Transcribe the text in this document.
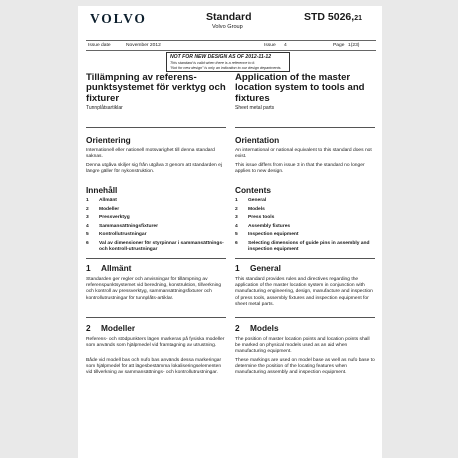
VOLVO	Standard
Volvo Group
STD 5026,21
Issue date	November 2012	Issue 4	Page 1(23)
NOT FOR NEW DESIGN AS OF 2012-11-12
This standard is valid when there is a reference to it.
"Not for new design" is only an indication to our design departments.
Tillämpning av referens-punktsystemet för verktyg och fixturer
Tunnplåtsartiklar
Orientering
Internationell eller nationell motsvarighet till denna standard saknas.
Denna utgåva skiljer sig från utgåva 3 genom att standarden ej längre gäller för nykonstruktion.
Innehåll
1	Allmänt
2	Modeller
3	Pressverktyg
4	Sammansättningsfixturer
5	Kontrollutrustningar
6	Val av dimensioner för styrpinnar i sammansättnings- och kontroll-utrustningar
1 Allmänt
Standarden ger regler och anvisningar för tillämpning av referenspunktsystemet vid beredning, konstruktion, tillverkning och kontroll av pressverktyg, sammansättningsfixturer och kontrollutrustningar för tunnplåts-artiklar.
2 Modeller
Referens- och stödpunkters lägen markeras på fysiska modeller som används som hjälpmedel vid framtagning av utrustning.
Både vid modell bas och nufo bas används dessa markeringar som hjälpmedel för att lägesbestämma lokaliseringselementen vid tillverkning av sammansättnings- och kontrollutrustningar.
Application of the master location system to tools and fixtures
Sheet metal parts
Orientation
An international or national equivalent to this standard does not exist.
This issue differs from issue 3 in that the standard no longer applies to new design.
Contents
1	General
2	Models
3	Press tools
4	Assembly fixtures
5	Inspection equipment
6	Selecting dimensions of guide pins in assembly and inspection equipment
1 General
This standard provides rules and directives regarding the application of the master location system in conjunction with manufacturing engineering, design, manufacture and inspection of press tools, assembly fixtures and inspection equipment for sheet metal parts.
2 Models
The position of master location points and location points shall be marked on physical models used as an aid when manufacturing equipment.
These markings are used on model base as well as nufo base to determine the position of the locating features when manufacturing assembly and inspection equipment.
